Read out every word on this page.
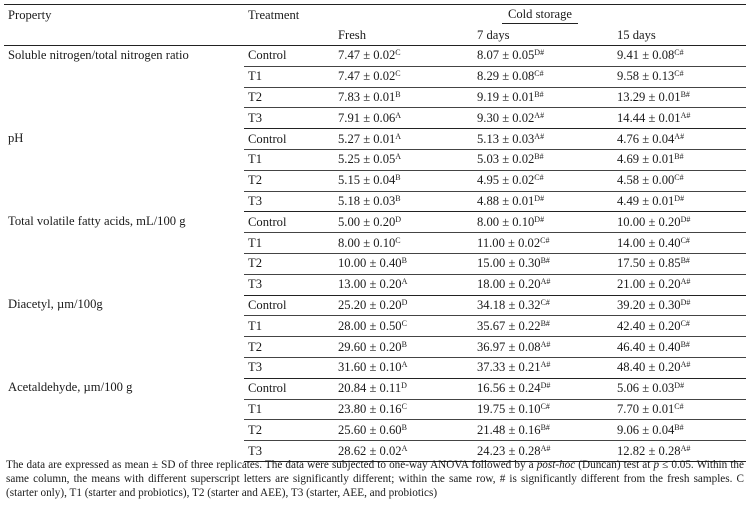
Property	Treatment	Cold storage		
		Fresh	7 days	15 days
Soluble nitrogen/total nitrogen ratio	Control	$7.47 \pm 0.02^C$	$8.07 \pm 0.05^{D\#}$	$9.41 \pm 0.08^{C\#}$
	T1	$7.47 \pm 0.02^C$	$8.29 \pm 0.08^{C\#}$	$9.58 \pm 0.13^{C\#}$
	T2	$7.83 \pm 0.01^B$	$9.19 \pm 0.01^{B\#}$	$13.29 \pm 0.01^{B\#}$
	T3	$7.91 \pm 0.06^A$	$9.30 \pm 0.02^{A\#}$	$14.44 \pm 0.01^{A\#}$
pH	Control	$5.27 \pm 0.01^A$	$5.13 \pm 0.03^{A\#}$	$4.76 \pm 0.04^{A\#}$
	T1	$5.25 \pm 0.05^A$	$5.03 \pm 0.02^{B\#}$	$4.69 \pm 0.01^{B\#}$
	T2	$5.15 \pm 0.04^B$	$4.95 \pm 0.02^{C\#}$	$4.58 \pm 0.00^{C\#}$
	T3	$5.18 \pm 0.03^B$	$4.88 \pm 0.01^{D\#}$	$4.49 \pm 0.01^{D\#}$
Total volatile fatty acids, mL/100 g	Control	$5.00 \pm 0.20^D$	$8.00 \pm 0.10^{D\#}$	$10.00 \pm 0.20^{D\#}$
	T1	$8.00 \pm 0.10^C$	$11.00 \pm 0.02^{C\#}$	$14.00 \pm 0.40^{C\#}$
	T2	$10.00 \pm 0.40^B$	$15.00 \pm 0.30^{B\#}$	$17.50 \pm 0.85^{B\#}$
	T3	$13.00 \pm 0.20^A$	$18.00 \pm 0.20^{A\#}$	$21.00 \pm 0.20^{A\#}$
Diacetyl, µm/100g	Control	$25.20 \pm 0.20^D$	$34.18 \pm 0.32^{C\#}$	$39.20 \pm 0.30^{D\#}$
	T1	$28.00 \pm 0.50^C$	$35.67 \pm 0.22^{B\#}$	$42.40 \pm 0.20^{C\#}$
	T2	$29.60 \pm 0.20^B$	$36.97 \pm 0.08^{A\#}$	$46.40 \pm 0.40^{B\#}$
	T3	$31.60 \pm 0.10^A$	$37.33 \pm 0.21^{A\#}$	$48.40 \pm 0.20^{A\#}$
Acetaldehyde, µm/100 g	Control	$20.84 \pm 0.11^D$	$16.56 \pm 0.24^{D\#}$	$5.06 \pm 0.03^{D\#}$
	T1	$23.80 \pm 0.16^C$	$19.75 \pm 0.10^{C\#}$	$7.70 \pm 0.01^{C\#}$
	T2	$25.60 \pm 0.60^B$	$21.48 \pm 0.16^{B\#}$	$9.06 \pm 0.04^{B\#}$
	T3	$28.62 \pm 0.02^A$	$24.23 \pm 0.28^{A\#}$	$12.82 \pm 0.28^{A\#}$
The data are expressed as mean ± SD of three replicates. The data were subjected to one-way ANOVA followed by a post-hoc (Duncan) test at p ≤ 0.05. Within the same column, the means with different superscript letters are significantly different; within the same row, # is significantly different from the fresh samples. C (starter only), T1 (starter and probiotics), T2 (starter and AEE), T3 (starter, AEE, and probiotics)
